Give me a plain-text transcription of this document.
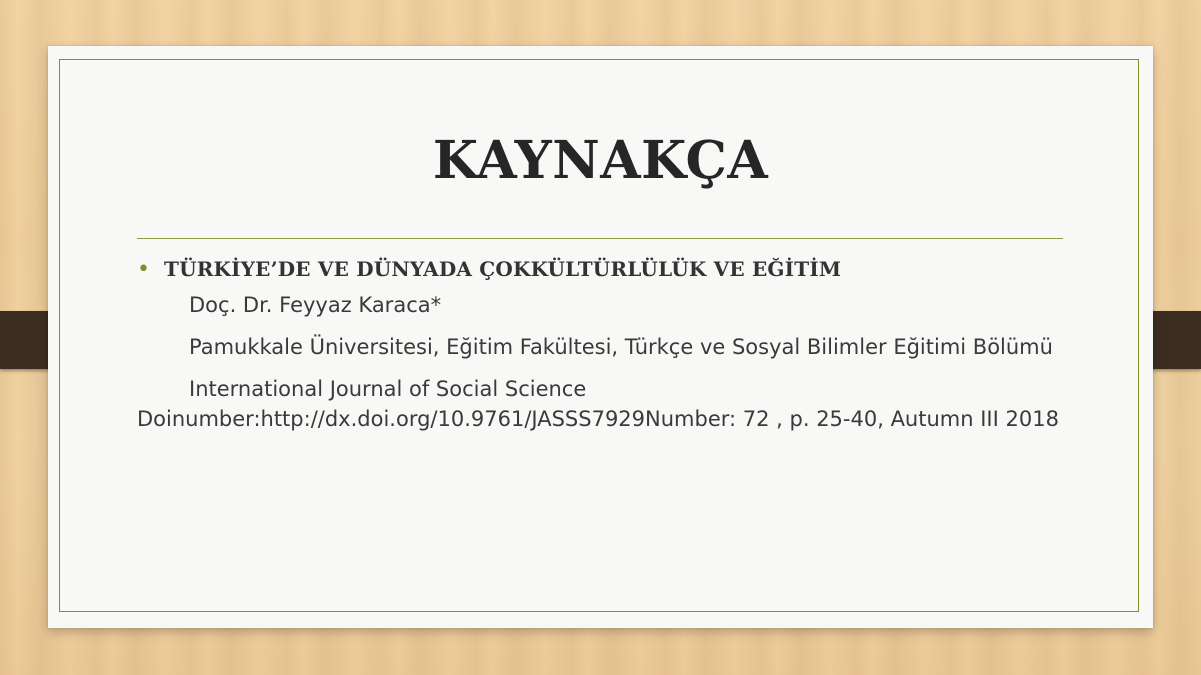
KAYNAKÇA
• TÜRKİYE’DE VE DÜNYADA ÇOKKÜLTÜRLÜLÜK VE EĞİTİM

Doç. Dr. Feyyaz Karaca*

Pamukkale Üniversitesi, Eğitim Fakültesi, Türkçe ve Sosyal Bilimler Eğitimi Bölümü

International Journal of Social Science Doinumber:http://dx.doi.org/10.9761/JASSS7929Number: 72 , p. 25-40, Autumn III 2018
